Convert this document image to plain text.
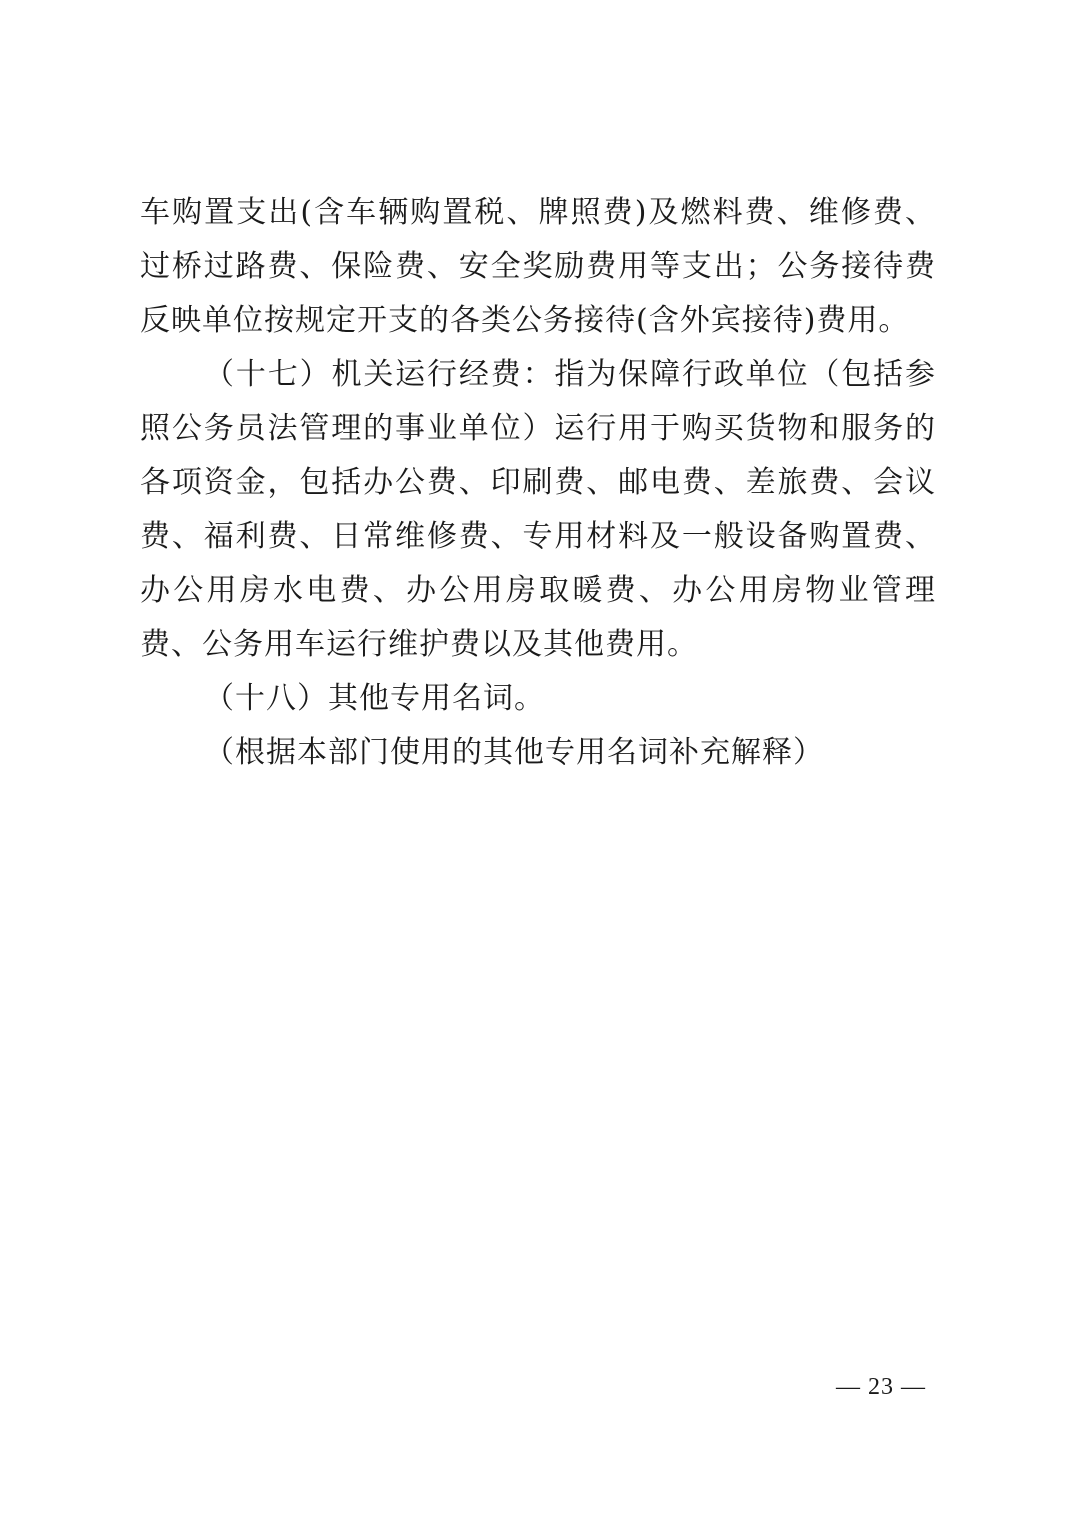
车购置支出(含车辆购置税、牌照费)及燃料费、维修费、过桥过路费、保险费、安全奖励费用等支出；公务接待费反映单位按规定开支的各类公务接待(含外宾接待)费用。

（十七）机关运行经费：指为保障行政单位（包括参照公务员法管理的事业单位）运行用于购买货物和服务的各项资金，包括办公费、印刷费、邮电费、差旅费、会议费、福利费、日常维修费、专用材料及一般设备购置费、办公用房水电费、办公用房取暖费、办公用房物业管理费、公务用车运行维护费以及其他费用。

（十八）其他专用名词。

（根据本部门使用的其他专用名词补充解释）

— 23 —
